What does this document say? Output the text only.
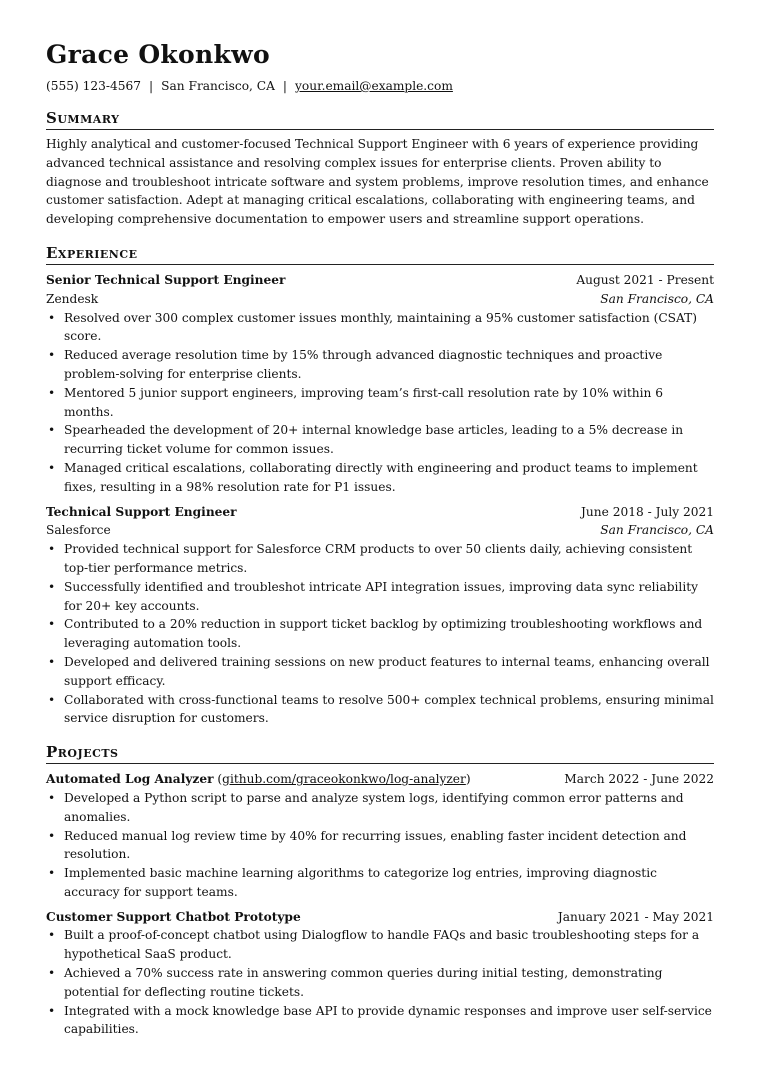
Grace Okonkwo
(555) 123-4567 | San Francisco, CA | your.email@example.com
Summary
Highly analytical and customer-focused Technical Support Engineer with 6 years of experience providing advanced technical assistance and resolving complex issues for enterprise clients. Proven ability to diagnose and troubleshoot intricate software and system problems, improve resolution times, and enhance customer satisfaction. Adept at managing critical escalations, collaborating with engineering teams, and developing comprehensive documentation to empower users and streamline support operations.
Experience
Senior Technical Support Engineer	August 2021 - Present
Zendesk	San Francisco, CA
• Resolved over 300 complex customer issues monthly, maintaining a 95% customer satisfaction (CSAT) score.
• Reduced average resolution time by 15% through advanced diagnostic techniques and proactive problem-solving for enterprise clients.
• Mentored 5 junior support engineers, improving team’s first-call resolution rate by 10% within 6 months.
• Spearheaded the development of 20+ internal knowledge base articles, leading to a 5% decrease in recurring ticket volume for common issues.
• Managed critical escalations, collaborating directly with engineering and product teams to implement fixes, resulting in a 98% resolution rate for P1 issues.
Technical Support Engineer	June 2018 - July 2021
Salesforce	San Francisco, CA
• Provided technical support for Salesforce CRM products to over 50 clients daily, achieving consistent top-tier performance metrics.
• Successfully identified and troubleshot intricate API integration issues, improving data sync reliability for 20+ key accounts.
• Contributed to a 20% reduction in support ticket backlog by optimizing troubleshooting workflows and leveraging automation tools.
• Developed and delivered training sessions on new product features to internal teams, enhancing overall support efficacy.
• Collaborated with cross-functional teams to resolve 500+ complex technical problems, ensuring minimal service disruption for customers.
Projects
Automated Log Analyzer (github.com/graceokonkwo/log-analyzer)	March 2022 - June 2022
• Developed a Python script to parse and analyze system logs, identifying common error patterns and anomalies.
• Reduced manual log review time by 40% for recurring issues, enabling faster incident detection and resolution.
• Implemented basic machine learning algorithms to categorize log entries, improving diagnostic accuracy for support teams.
Customer Support Chatbot Prototype	January 2021 - May 2021
• Built a proof-of-concept chatbot using Dialogflow to handle FAQs and basic troubleshooting steps for a hypothetical SaaS product.
• Achieved a 70% success rate in answering common queries during initial testing, demonstrating potential for deflecting routine tickets.
• Integrated with a mock knowledge base API to provide dynamic responses and improve user self-service capabilities.
